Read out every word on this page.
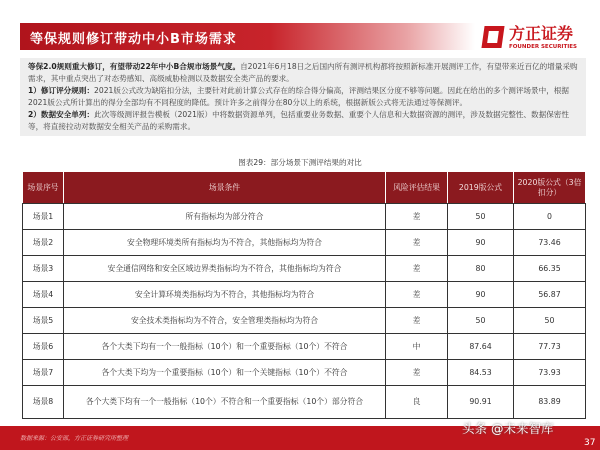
等保规则修订带动中小B市场需求	方正证券
FOUNDER SECURITIES
等保2.0规则重大修订，有望带动22年中小B合规市场景气度。自2021年6月18日之后国内所有测评机构都将按照新标准开展测评工作，有望带来近百亿的增量采购需求，其中重点突出了对态势感知、高级威胁检测以及数据安全类产品的要求。
1）修订评分规则：2021版公式改为缺陷扣分法，主要针对此前计算公式存在的综合得分偏高，评测结果区分度不够等问题。因此在给出的多个测评场景中，根据2021版公式所计算出的得分全部均有不同程度的降低。预计许多之前得分在80分以上的系统，根据新版公式将无法通过等保测评。
2）数据安全单列：此次等级测评报告模板（2021版）中将数据资源单列，包括重要业务数据、重要个人信息和大数据资源的测评，涉及数据完整性、数据保密性等，将直接拉动对数据安全相关产品的采购需求。
图表29：部分场景下测评结果的对比
场景序号	场景条件	风险评估结果	2019版公式	2020版公式（3倍扣分）
场景1	所有指标均为部分符合	差	50	0
场景2	安全物理环境类所有指标均为不符合，其他指标均为符合	差	90	73.46
场景3	安全通信网络和安全区域边界类指标均为不符合，其他指标均为符合	差	80	66.35
场景4	安全计算环境类指标均为不符合，其他指标均为符合	差	90	56.87
场景5	安全技术类指标均为不符合，安全管理类指标均为符合	差	50	50
场景6	各个大类下均有一个一般指标（10个）和一个重要指标（10个）不符合	中	87.64	77.73
场景7	各个大类下均为一个重要指标（10个）和一个关键指标（10个）不符合	差	84.53	73.93
场景8	各个大类下均有一个一般指标（10个）不符合和一个重要指标（10个）部分符合	良	90.91	83.89
数据来源：公安部，方正证券研究所整理
头条 @未来智库
37
